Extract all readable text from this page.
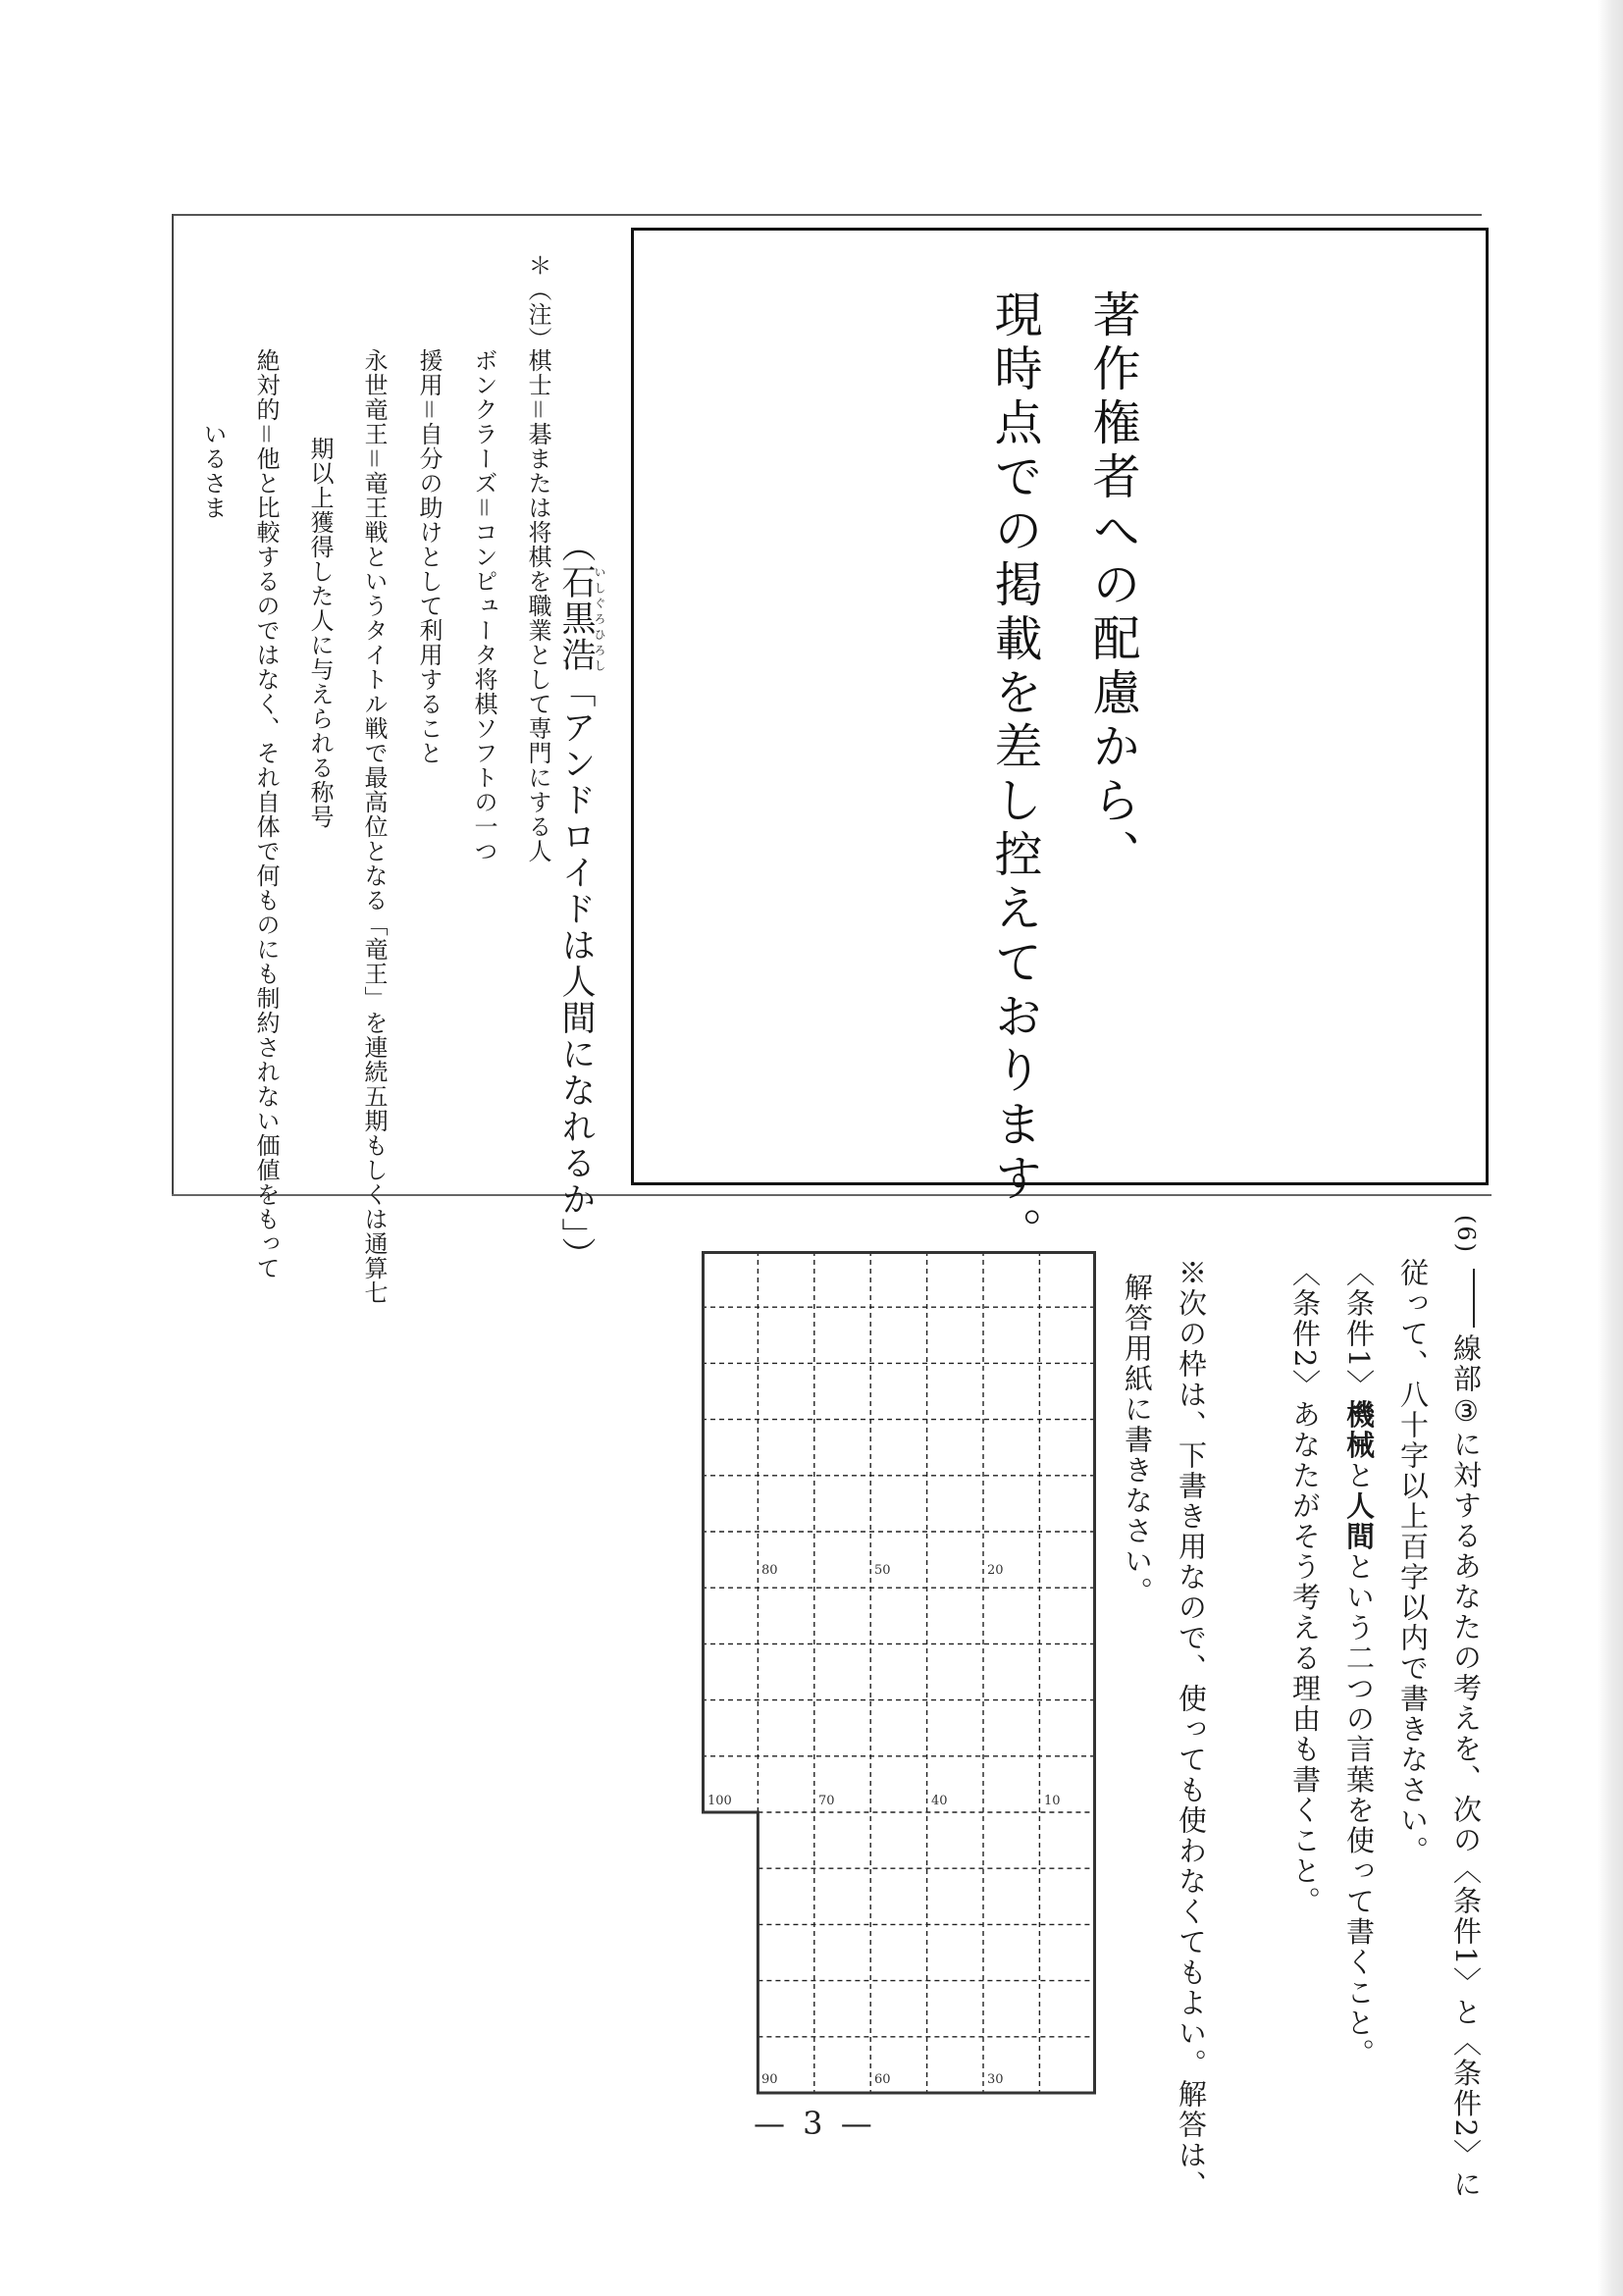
著作権者への配慮から、
現時点での掲載を差し控えております。
（石黒浩いしぐろひろし「アンドロイドは人間になれるか」）
＊（注）
棋士＝碁または将棋を職業として専門にする人
ボンクラーズ＝コンピュータ将棋ソフトの一つ
援用＝自分の助けとして利用すること
永世竜王＝竜王戦というタイトル戦で最高位となる「竜王」を連続五期もしくは通算七
期以上獲得した人に与えられる称号
絶対的＝他と比較するのではなく、それ自体で何ものにも制約されない価値をもって
いるさま
(6)
線部③に対するあなたの考えを、次の〈条件1〉と〈条件2〉に
従って、八十字以上百字以内で書きなさい。
〈条件1〉機械と人間という二つの言葉を使って書くこと。
〈条件2〉あなたがそう考える理由も書くこと。
※次の枠は、下書き用なので、使っても使わなくてもよい。解答は、
解答用紙に書きなさい。
80	50	20
100	70	40	10
90	60	30
— 3 —
